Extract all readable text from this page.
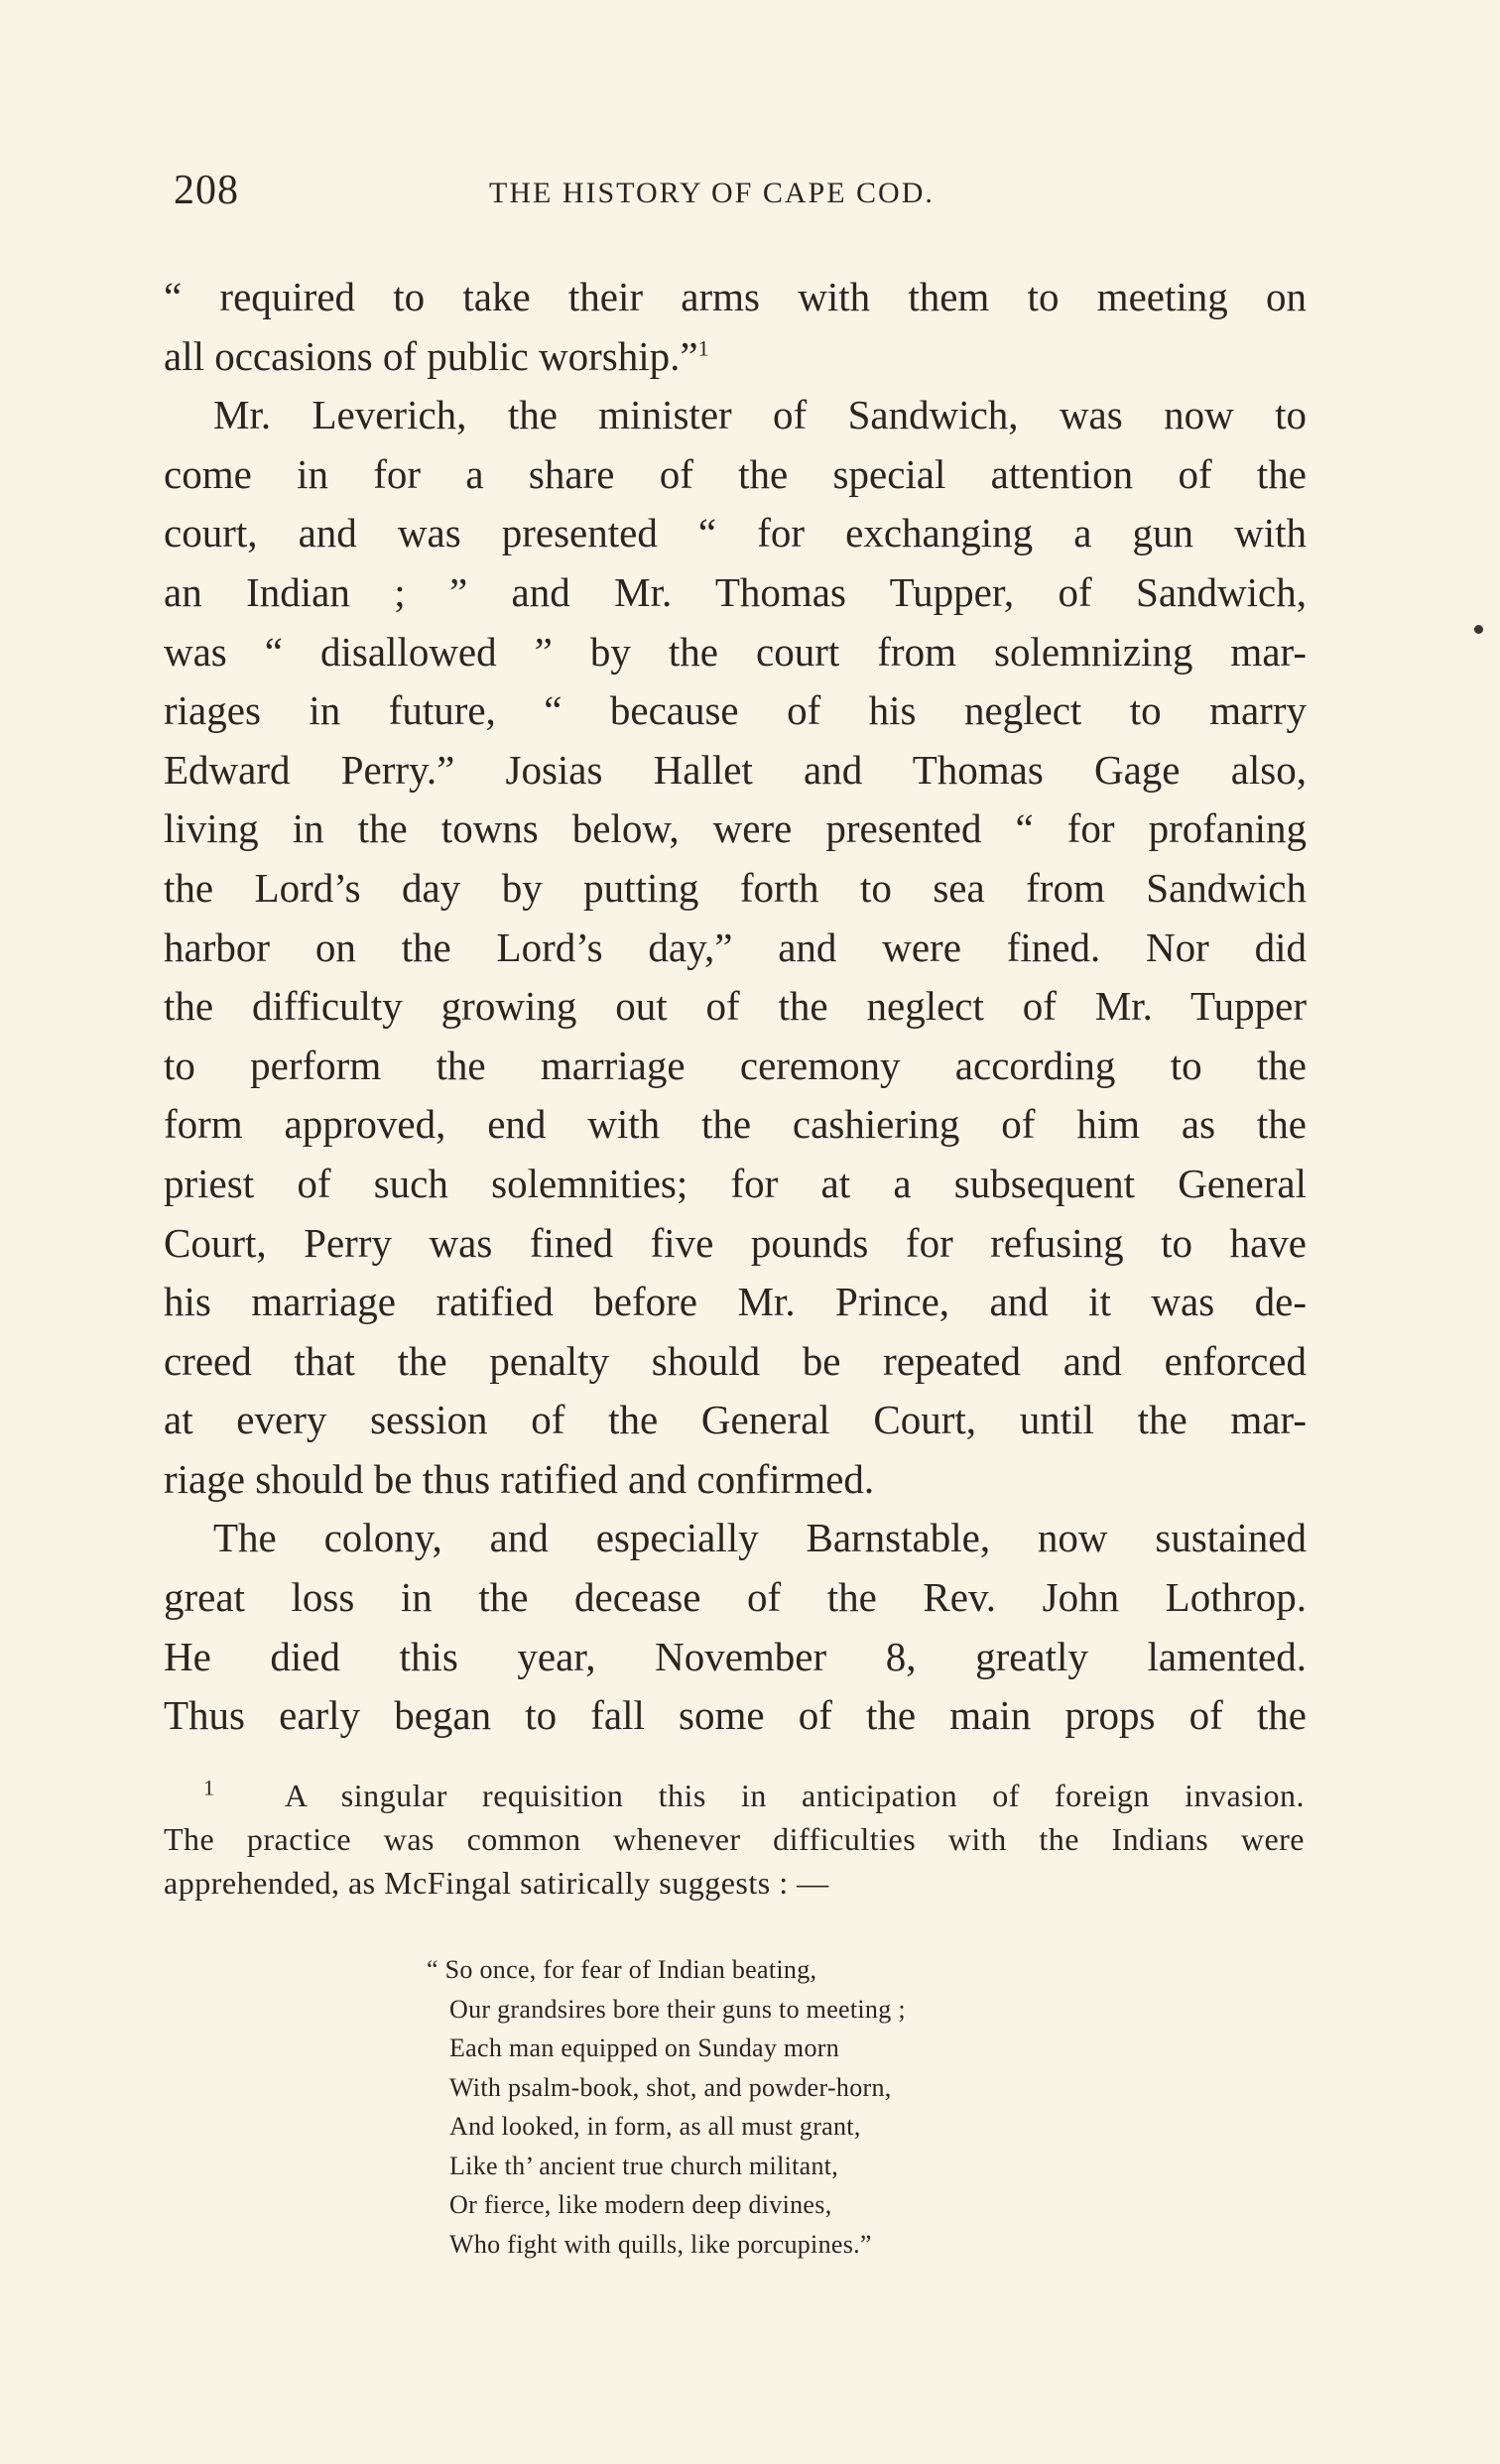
208	THE HISTORY OF CAPE COD.
“ required to take their arms with them to meeting on
all occasions of public worship.”$^1$
Mr. Leverich, the minister of Sandwich, was now to
come in for a share of the special attention of the
court, and was presented “ for exchanging a gun with
an Indian ; ” and Mr. Thomas Tupper, of Sandwich,
was “ disallowed ” by the court from solemnizing mar-
riages in future, “ because of his neglect to marry
Edward Perry.” Josias Hallet and Thomas Gage also,
living in the towns below, were presented “ for profaning
the Lord’s day by putting forth to sea from Sandwich
harbor on the Lord’s day,” and were fined. Nor did
the difficulty growing out of the neglect of Mr. Tupper
to perform the marriage ceremony according to the
form approved, end with the cashiering of him as the
priest of such solemnities; for at a subsequent General
Court, Perry was fined five pounds for refusing to have
his marriage ratified before Mr. Prince, and it was de-
creed that the penalty should be repeated and enforced
at every session of the General Court, until the mar-
riage should be thus ratified and confirmed.
The colony, and especially Barnstable, now sustained
great loss in the decease of the Rev. John Lothrop.
He died this year, November 8, greatly lamented.
Thus early began to fall some of the main props of the
$^1$ A singular requisition this in anticipation of foreign invasion.
The practice was common whenever difficulties with the Indians were
apprehended, as McFingal satirically suggests : —
“ So once, for fear of Indian beating,
Our grandsires bore their guns to meeting ;
Each man equipped on Sunday morn
With psalm-book, shot, and powder-horn,
And looked, in form, as all must grant,
Like th’ ancient true church militant,
Or fierce, like modern deep divines,
Who fight with quills, like porcupines.”
